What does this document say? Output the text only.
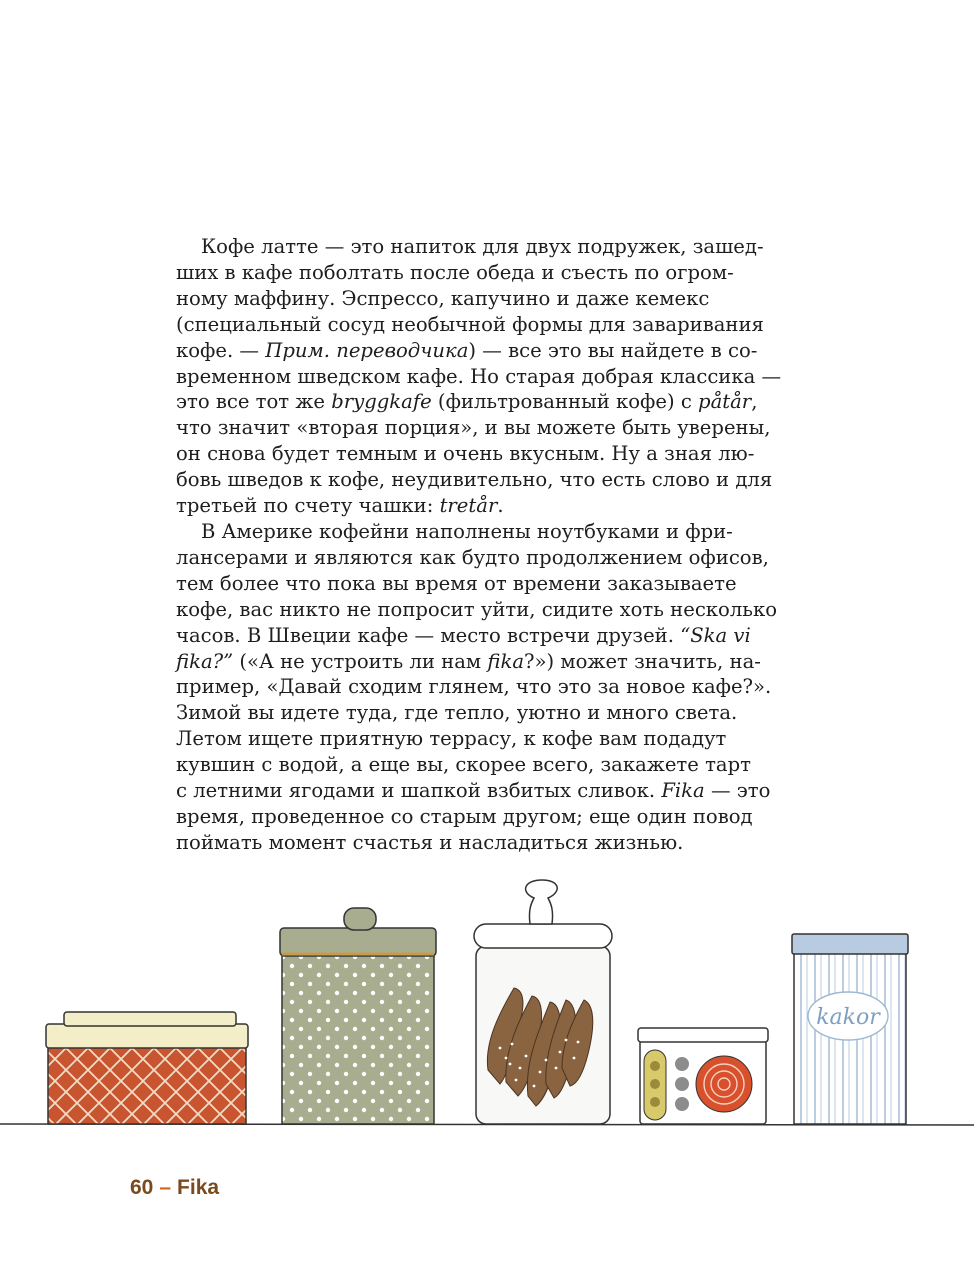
Кофе латте — это напиток для двух подружек, зашед-
ших в кафе поболтать после обеда и съесть по огром-
ному маффину. Эспрессо, капучино и даже кемекс
(специальный сосуд необычной формы для заваривания
кофе. — Прим. переводчика) — все это вы найдете в со-
временном шведском кафе. Но старая добрая классика —
это все тот же bryggkafe (фильтрованный кофе) с påtår,
что значит «вторая порция», и вы можете быть уверены,
он снова будет темным и очень вкусным. Ну а зная лю-
бовь шведов к кофе, неудивительно, что есть слово и для
третьей по счету чашки: tretår.
В Америке кофейни наполнены ноутбуками и фри-
лансерами и являются как будто продолжением офисов,
тем более что пока вы время от времени заказываете
кофе, вас никто не попросит уйти, сидите хоть несколько
часов. В Швеции кафе — место встречи друзей. “Ska vi
fika?” («А не устроить ли нам fika?») может значить, на-
пример, «Давай сходим глянем, что это за новое кафе?».
Зимой вы идете туда, где тепло, уютно и много света.
Летом ищете приятную террасу, к кофе вам подадут
кувшин с водой, а еще вы, скорее всего, закажете тарт
с летними ягодами и шапкой взбитых сливок. Fika — это
время, проведенное со старым другом; еще один повод
поймать момент счастья и насладиться жизнью.
kakor
60 – Fika
